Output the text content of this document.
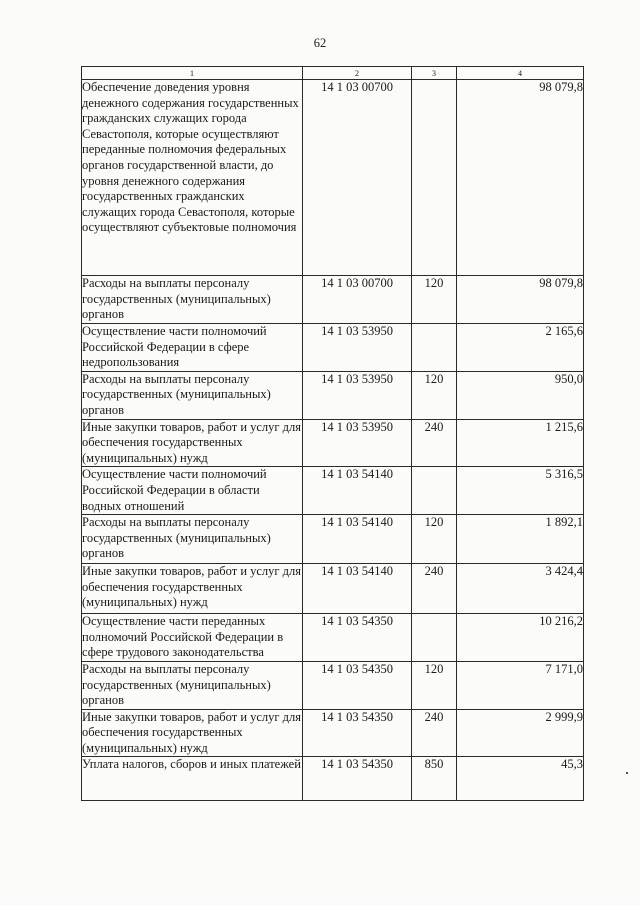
62
1	2	3	4
Обеспечение доведения уровня денежного содержания государственных гражданских служащих города Севастополя, которые осуществляют переданные полномочия федеральных органов государственной власти, до уровня денежного содержания государственных гражданских служащих города Севастополя, которые осуществляют субъектовые полномочия	14 1 03 00700		98 079,8
Расходы на выплаты персоналу государственных (муниципальных) органов	14 1 03 00700	120	98 079,8
Осуществление части полномочий Российской Федерации в сфере недропользования	14 1 03 53950		2 165,6
Расходы на выплаты персоналу государственных (муниципальных) органов	14 1 03 53950	120	950,0
Иные закупки товаров, работ и услуг для обеспечения государственных (муниципальных) нужд	14 1 03 53950	240	1 215,6
Осуществление части полномочий Российской Федерации в области водных отношений	14 1 03 54140		5 316,5
Расходы на выплаты персоналу государственных (муниципальных) органов	14 1 03 54140	120	1 892,1
Иные закупки товаров, работ и услуг для обеспечения государственных (муниципальных) нужд	14 1 03 54140	240	3 424,4
Осуществление части переданных полномочий Российской Федерации в сфере трудового законодательства	14 1 03 54350		10 216,2
Расходы на выплаты персоналу государственных (муниципальных) органов	14 1 03 54350	120	7 171,0
Иные закупки товаров, работ и услуг для обеспечения государственных (муниципальных) нужд	14 1 03 54350	240	2 999,9
Уплата налогов, сборов и иных платежей	14 1 03 54350	850	45,3
